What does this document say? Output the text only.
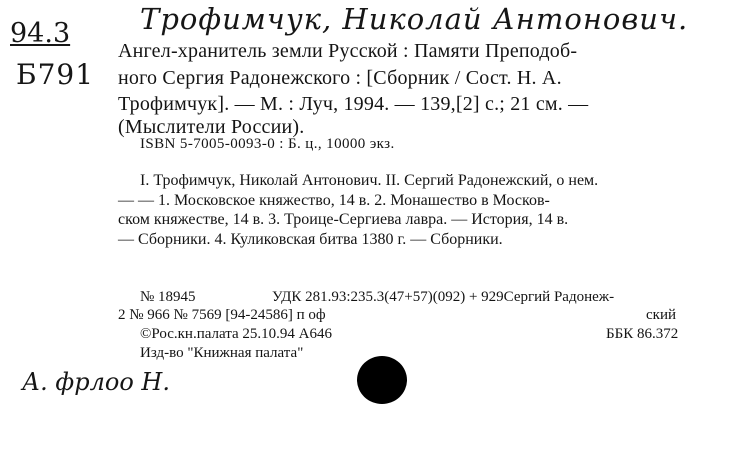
Трофимчук, Николай Антонович.
94.3
Б791
Ангел-хранитель земли Русской : Памяти Преподоб-
ного Сергия Радонежского : [Сборник / Сост. Н. А.
Трофимчук]. — М. : Луч, 1994. — 139,[2] с.; 21 см. —
(Мыслители России).
ISBN 5-7005-0093-0 : Б. ц., 10000 экз.
I. Трофимчук, Николай Антонович. II. Сергий Радонежский, о нем.
— — 1. Московское княжество, 14 в. 2. Монашество в Москов-
ском княжестве, 14 в. 3. Троице-Сергиева лавра. — История, 14 в.
— Сборники. 4. Куликовская битва 1380 г. — Сборники.
№ 18945	УДК 281.93:235.3(47+57)(092) + 929Сергий Радонеж-
2 № 966 № 7569 [94-24586] п оф	ский
©Рос.кн.палата 25.10.94 А646	ББК 86.372
Изд-во "Книжная палата"
А. фрлоо Н.
